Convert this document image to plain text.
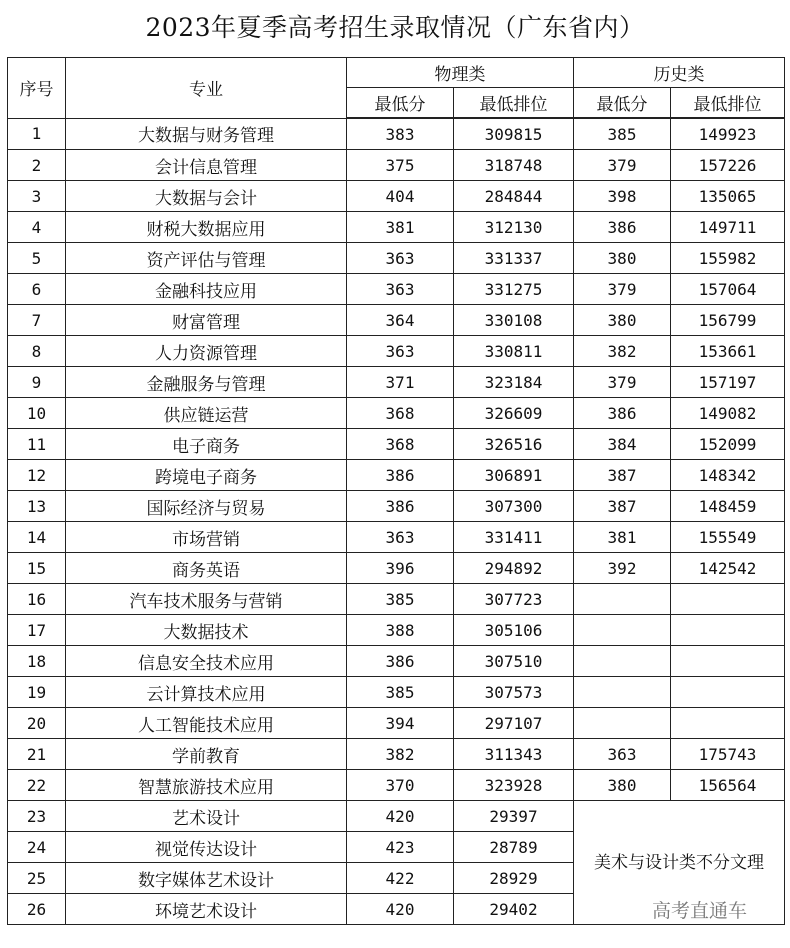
2023年夏季高考招生录取情况（广东省内）
序号	专业	物理类		历史类	
		最低分	最低排位	最低分	最低排位
1	大数据与财务管理	383	309815	385	149923
2	会计信息管理	375	318748	379	157226
3	大数据与会计	404	284844	398	135065
4	财税大数据应用	381	312130	386	149711
5	资产评估与管理	363	331337	380	155982
6	金融科技应用	363	331275	379	157064
7	财富管理	364	330108	380	156799
8	人力资源管理	363	330811	382	153661
9	金融服务与管理	371	323184	379	157197
10	供应链运营	368	326609	386	149082
11	电子商务	368	326516	384	152099
12	跨境电子商务	386	306891	387	148342
13	国际经济与贸易	386	307300	387	148459
14	市场营销	363	331411	381	155549
15	商务英语	396	294892	392	142542
16	汽车技术服务与营销	385	307723		
17	大数据技术	388	305106		
18	信息安全技术应用	386	307510		
19	云计算技术应用	385	307573		
20	人工智能技术应用	394	297107		
21	学前教育	382	311343	363	175743
22	智慧旅游技术应用	370	323928	380	156564
23	艺术设计	420	29397	美术与设计类不分文理	
24	视觉传达设计	423	28789		
25	数字媒体艺术设计	422	28929		
26	环境艺术设计	420	29402			高考直通车
